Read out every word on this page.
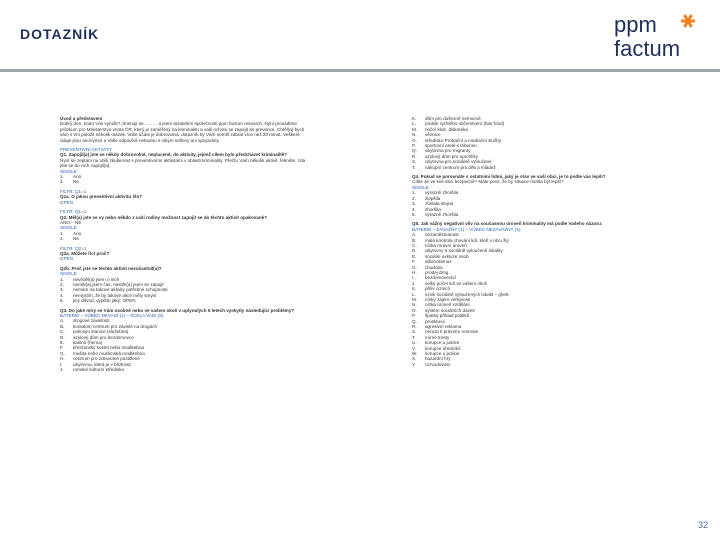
DOTAZNÍK	ppm
factum
Úvod a představení
Dobrý den, touto Vás vyrušit? Jmenuji se……… a jsem tazatelem společnosti ppm factum research. Nyní provádíme průzkum pro Ministerstvo vnitra ČR, který je zaměřený na kriminalitu a vaši ochotu se zapojit do prevence. Chtěl(a) bych vám s tím položit několik otázek. Vaše účast je dobrovolná, dotazník by Vám neměl zabrat více než 20 minut. Veškeré údaje jsou anonymní a Vaše odpovědi nebudou s nikým sdíleny ani spojovány.
PREVENTIVNÍ AKTIVITY
Q1. Zapojil(a) jste se někdy dobrovolně, neplaceně, do aktivity, jejímž cílem bylo předcházet kriminalitě?
Nyní se zeptám na Vaši zkušenost s preventivními aktivitami v oblasti kriminality. Přečtu Vám několik aktivit, řekněte, zda jste se do nich zapojil(a).
SINGLE
1.	Ano
2.	Ne
FILTR: Q1=1
Q1a. O jakou preventivní aktivitu šlo?
OPEN
FILTR: Q1=1
Q2. Měl(a) jste se vy nebo někdo z vaší rodiny možnost zapojit se do těchto aktivit opakovaně?
ANO – NE
SINGLE
1.	Ano
2.	Ne
FILTR: Q2=1
Q2a. Můžete říct proč?
OPEN
Q2b. Proč jste se těchto aktivit nezúčastnil(a)?
SINGLE
1.	nevěděl(a) jsem o nich
2.	neměl(a) jsem čas, nestihl(a) jsem se zapojit
3.	nemám na takové aktivity potřebné schopnosti
4.	nemyslím, že by takové akce měly smysl
5.	jiný důvod, vypište jaký: OPEN
Q3. Do jaké míry se Vám osobně nebo ve vašem okolí v uplynulých 5 letech vyskytly následující problémy?
BATERIE – VŮBEC NEVADÍ (1) – ZCELA VADÍ (5)
A.	drogové závislosti
B.	kontaktní centrum pro závislé na drogách
C.	policejní stanice (služebna)
D.	azylový dům pro bezdomovce
E.	kasino (herna)
F.	křesťanský kostel nebo modlitebna
G.	mešita nebo muslimská modlitebna
H.	centrum pro zdravotně postižené
I.	ubytovna, která je v blízkosti
J.	romské kulturní středisko
K.	dům pro duševně nemocné
L.	podnik rychlého občerstvení (fast food)
M.	noční klub, diskotéka
N.	věznice
O.	středisko Probační a mediační služby
P.	sportovní areál s tribunou
Q.	ubytovna pro migranty
R.	azylový dům pro uprchlíky
S.	ubytovna pro sociálně vyloučené
T.	nákupní centrum pro děti a mládež
Q4. Pokud se porovnáte s ostatními lidmi, jaký je stav ve vaší obci, je to podle vás lepší?
Cítíte se ve své obci bezpečně? Máte pocit, že by situace mohla být lepší?
SINGLE
1.	výrazně zhoršila
2.	zlepšila
3.	zůstala stejná
4.	zhoršila
5.	výrazně zhoršila
Q5. Jak vážný negativní vliv na současnou úroveň kriminality má podle Vašeho názoru:
BATERIE – ZÁVAŽNÝ (1) – VŮBEC NEZÁVAŽNÝ (5)
A.	nezaměstnanost
B.	malá kontrola chování lidí, kteří v obci žijí
C.	nízká mravní úroveň
D.	ubytovny a sociálně vyloučené lokality
E.	sociální exkluze osob
F.	alkoholismus
G.	chudoba
H.	prodej drog
I.	bezdomovectví
J.	velký počet lidí ve vašem okolí
K.	příliv cizinců
L.	vznik sociálně vyloučených lokalit – ghett
M.	nízký zájem veřejnosti
N.	nízká úroveň vzdělání
O.	systém sociálních dávek
P.	špatný příklad politiků
Q.	prostituce
R.	agresivní reklama
S.	neúcta k právním normám
T.	mírné tresty
U.	korupce u justice
V.	korupce úředníků
W.	korupce u policie
X.	hazardní hry
Y.	rozvodovost
32
